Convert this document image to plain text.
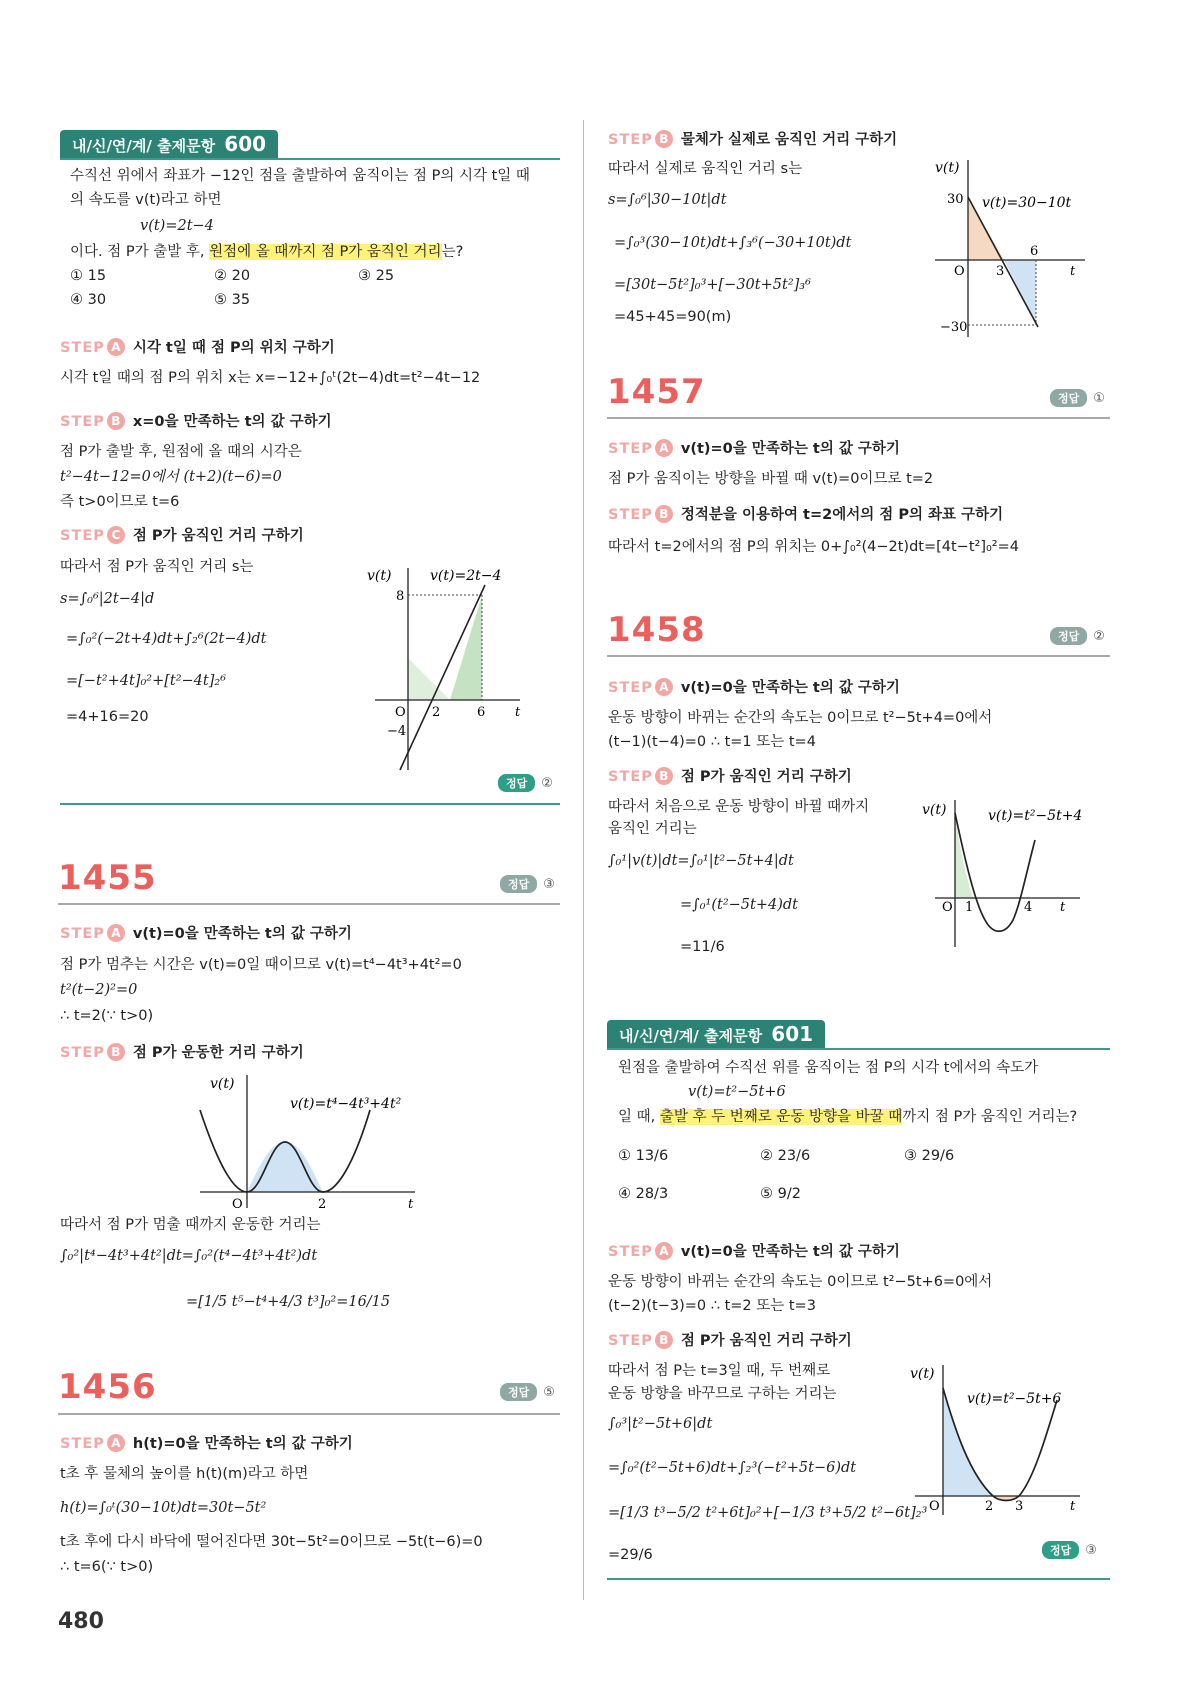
내/신/연/계/ 출제문항 600
수직선 위에서 좌표가 −12인 점을 출발하여 움직이는 점 P의 시각 t일 때
의 속도를 v(t)라고 하면
v(t)=2t−4
이다. 점 P가 출발 후, 원점에 올 때까지 점 P가 움직인 거리는?
① 15	② 20	③ 25
④ 30	⑤ 35
STEP A 시각 t일 때 점 P의 위치 구하기
시각 t일 때의 점 P의 위치 x는 x=−12+∫₀ᵗ(2t−4)dt=t²−4t−12
STEP B x=0을 만족하는 t의 값 구하기
점 P가 출발 후, 원점에 올 때의 시각은
t²−4t−12=0에서 (t+2)(t−6)=0
즉 t>0이므로 t=6
STEP C 점 P가 움직인 거리 구하기
따라서 점 P가 움직인 거리 s는
s=∫₀⁶|2t−4|d
=∫₀²(−2t+4)dt+∫₂⁶(2t−4)dt
=[−t²+4t]₀²+[t²−4t]₂⁶
=4+16=20
v(t)	v(t)=2t−4
8
−4
O 2	6 t
정답 ②
1455	정답 ③
STEP A v(t)=0을 만족하는 t의 값 구하기
점 P가 멈추는 시간은 v(t)=0일 때이므로 v(t)=t⁴−4t³+4t²=0
t²(t−2)²=0
∴ t=2(∵ t>0)
STEP B 점 P가 운동한 거리 구하기
v(t)
v(t)=t⁴−4t³+4t²
O	2	t
따라서 점 P가 멈출 때까지 운동한 거리는
∫₀²|t⁴−4t³+4t²|dt=∫₀²(t⁴−4t³+4t²)dt
=[1/5 t⁵−t⁴+4/3 t³]₀²=16/15
1456	정답 ⑤
STEP A h(t)=0을 만족하는 t의 값 구하기
t초 후 물체의 높이를 h(t)(m)라고 하면
h(t)=∫₀ᵗ(30−10t)dt=30t−5t²
t초 후에 다시 바닥에 떨어진다면 30t−5t²=0이므로 −5t(t−6)=0
∴ t=6(∵ t>0)
480
STEP B 물체가 실제로 움직인 거리 구하기
따라서 실제로 움직인 거리 s는
s=∫₀⁶|30−10t|dt
=∫₀³(30−10t)dt+∫₃⁶(−30+10t)dt
=[30t−5t²]₀³+[−30t+5t²]₃⁶
=45+45=90(m)
v(t)
v(t)=30−10t
30
−30
O 3
6
t
1457	정답 ①
STEP A v(t)=0을 만족하는 t의 값 구하기
점 P가 움직이는 방향을 바뀔 때 v(t)=0이므로 t=2
STEP B 정적분을 이용하여 t=2에서의 점 P의 좌표 구하기
따라서 t=2에서의 점 P의 위치는 0+∫₀²(4−2t)dt=[4t−t²]₀²=4
1458	정답 ②
STEP A v(t)=0을 만족하는 t의 값 구하기
운동 방향이 바뀌는 순간의 속도는 0이므로 t²−5t+4=0에서
(t−1)(t−4)=0 ∴ t=1 또는 t=4
STEP B 점 P가 움직인 거리 구하기
따라서 처음으로 운동 방향이 바뀔 때까지
움직인 거리는
∫₀¹|v(t)|dt=∫₀¹|t²−5t+4|dt
=∫₀¹(t²−5t+4)dt
=11/6
v(t)	v(t)=t²−5t+4
O 1	4 t
내/신/연/계/ 출제문항 601
원점을 출발하여 수직선 위를 움직이는 점 P의 시각 t에서의 속도가
v(t)=t²−5t+6
일 때, 출발 후 두 번째로 운동 방향을 바꿀 때까지 점 P가 움직인 거리는?
① 13/6	② 23/6	③ 29/6
④ 28/3	⑤ 9/2
STEP A v(t)=0을 만족하는 t의 값 구하기
운동 방향이 바뀌는 순간의 속도는 0이므로 t²−5t+6=0에서
(t−2)(t−3)=0 ∴ t=2 또는 t=3
STEP B 점 P가 움직인 거리 구하기
따라서 점 P는 t=3일 때, 두 번째로
운동 방향을 바꾸므로 구하는 거리는
∫₀³|t²−5t+6|dt
=∫₀²(t²−5t+6)dt+∫₂³(−t²+5t−6)dt
=[1/3 t³−5/2 t²+6t]₀²+[−1/3 t³+5/2 t²−6t]₂³
=29/6
v(t)
v(t)=t²−5t+6
O	2 3	t
정답 ③
